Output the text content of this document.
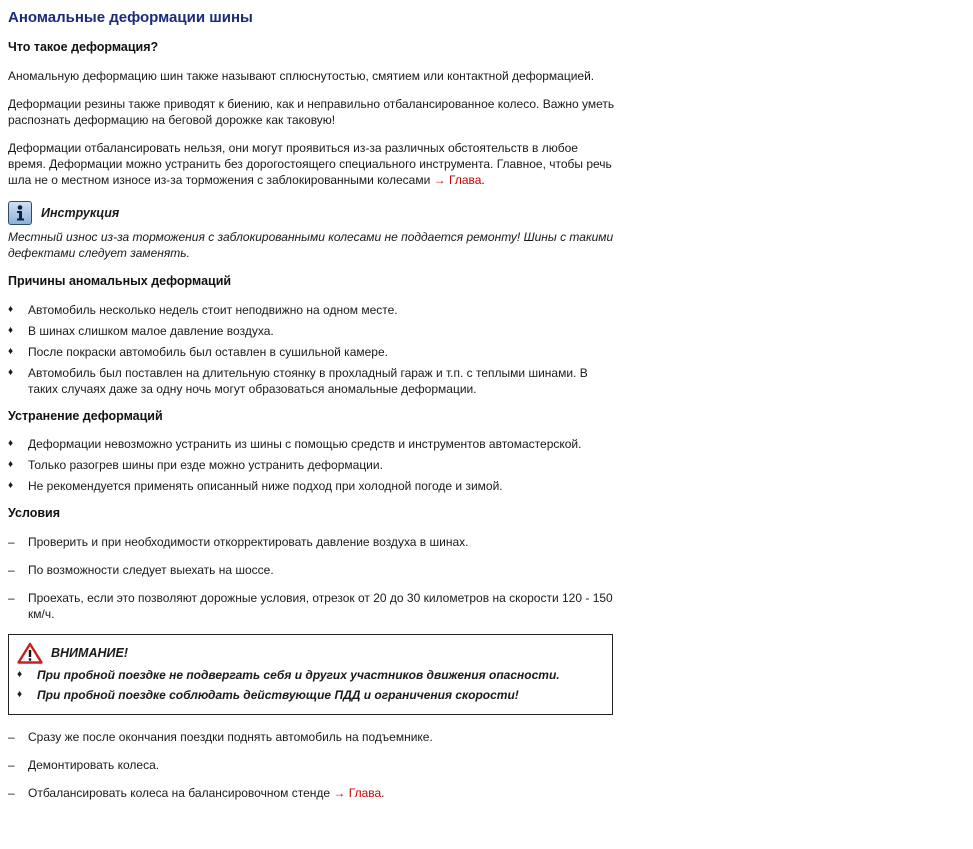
Аномальные деформации шины
Что такое деформация?

Аномальную деформацию шин также называют сплюснутостью, смятием или контактной деформацией.

Деформации резины также приводят к биению, как и неправильно отбалансированное колесо. Важно уметь распознать деформацию на беговой дорожке как таковую!

Деформации отбалансировать нельзя, они могут проявиться из-за различных обстоятельств в любое время. Деформации можно устранить без дорогостоящего специального инструмента. Главное, чтобы речь шла не о местном износе из-за торможения с заблокированными колесами → Глава.

Инструкция

Местный износ из-за торможения с заблокированными колесами не поддается ремонту! Шины с такими дефектами следует заменять.

Причины аномальных деформаций
♦ Автомобиль несколько недель стоит неподвижно на одном месте.
♦ В шинах слишком малое давление воздуха.
♦ После покраски автомобиль был оставлен в сушильной камере.
♦ Автомобиль был поставлен на длительную стоянку в прохладный гараж и т.п. с теплыми шинами. В таких случаях даже за одну ночь могут образоваться аномальные деформации.
Устранение деформаций
♦ Деформации невозможно устранить из шины с помощью средств и инструментов автомастерской.
♦ Только разогрев шины при езде можно устранить деформации.
♦ Не рекомендуется применять описанный ниже подход при холодной погоде и зимой.
Условия
– Проверить и при необходимости откорректировать давление воздуха в шинах.
– По возможности следует выехать на шоссе.
– Проехать, если это позволяют дорожные условия, отрезок от 20 до 30 километров на скорости 120 - 150 км/ч.
ВНИМАНИЕ!
♦ При пробной поездке не подвергать себя и других участников движения опасности.
♦ При пробной поездке соблюдать действующие ПДД и ограничения скорости!
– Сразу же после окончания поездки поднять автомобиль на подъемнике.
– Демонтировать колеса.
– Отбалансировать колеса на балансировочном стенде → Глава.
